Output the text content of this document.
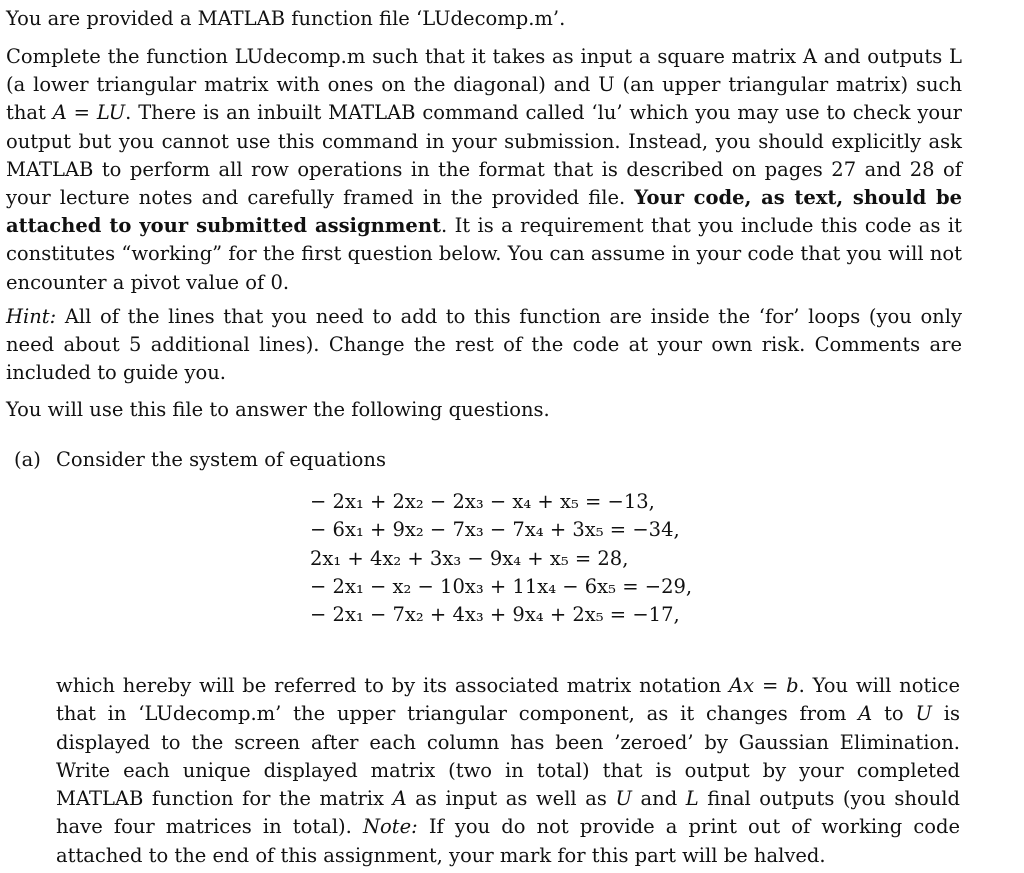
You are provided a MATLAB function file ‘LUdecomp.m’.
Complete the function LUdecomp.m such that it takes as input a square matrix A and outputs L (a lower triangular matrix with ones on the diagonal) and U (an upper triangular matrix) such that A = LU. There is an inbuilt MATLAB command called ‘lu’ which you may use to check your output but you cannot use this command in your submission. Instead, you should explicitly ask MATLAB to perform all row operations in the format that is described on pages 27 and 28 of your lecture notes and carefully framed in the provided file. Your code, as text, should be attached to your submitted assignment. It is a requirement that you include this code as it constitutes “working” for the first question below. You can assume in your code that you will not encounter a pivot value of 0.
Hint: All of the lines that you need to add to this function are inside the ‘for’ loops (you only need about 5 additional lines). Change the rest of the code at your own risk. Comments are included to guide you.
You will use this file to answer the following questions.
(a) Consider the system of equations
− 2x₁ + 2x₂ − 2x₃ − x₄ + x₅ = −13,
− 6x₁ + 9x₂ − 7x₃ − 7x₄ + 3x₅ = −34,
2x₁ + 4x₂ + 3x₃ − 9x₄ + x₅ = 28,
− 2x₁ − x₂ − 10x₃ + 11x₄ − 6x₅ = −29,
− 2x₁ − 7x₂ + 4x₃ + 9x₄ + 2x₅ = −17,
which hereby will be referred to by its associated matrix notation Ax = b. You will notice that in ‘LUdecomp.m’ the upper triangular component, as it changes from A to U is displayed to the screen after each column has been ’zeroed’ by Gaussian Elimination. Write each unique displayed matrix (two in total) that is output by your completed MATLAB function for the matrix A as input as well as U and L final outputs (you should have four matrices in total). Note: If you do not provide a print out of working code attached to the end of this assignment, your mark for this part will be halved.
